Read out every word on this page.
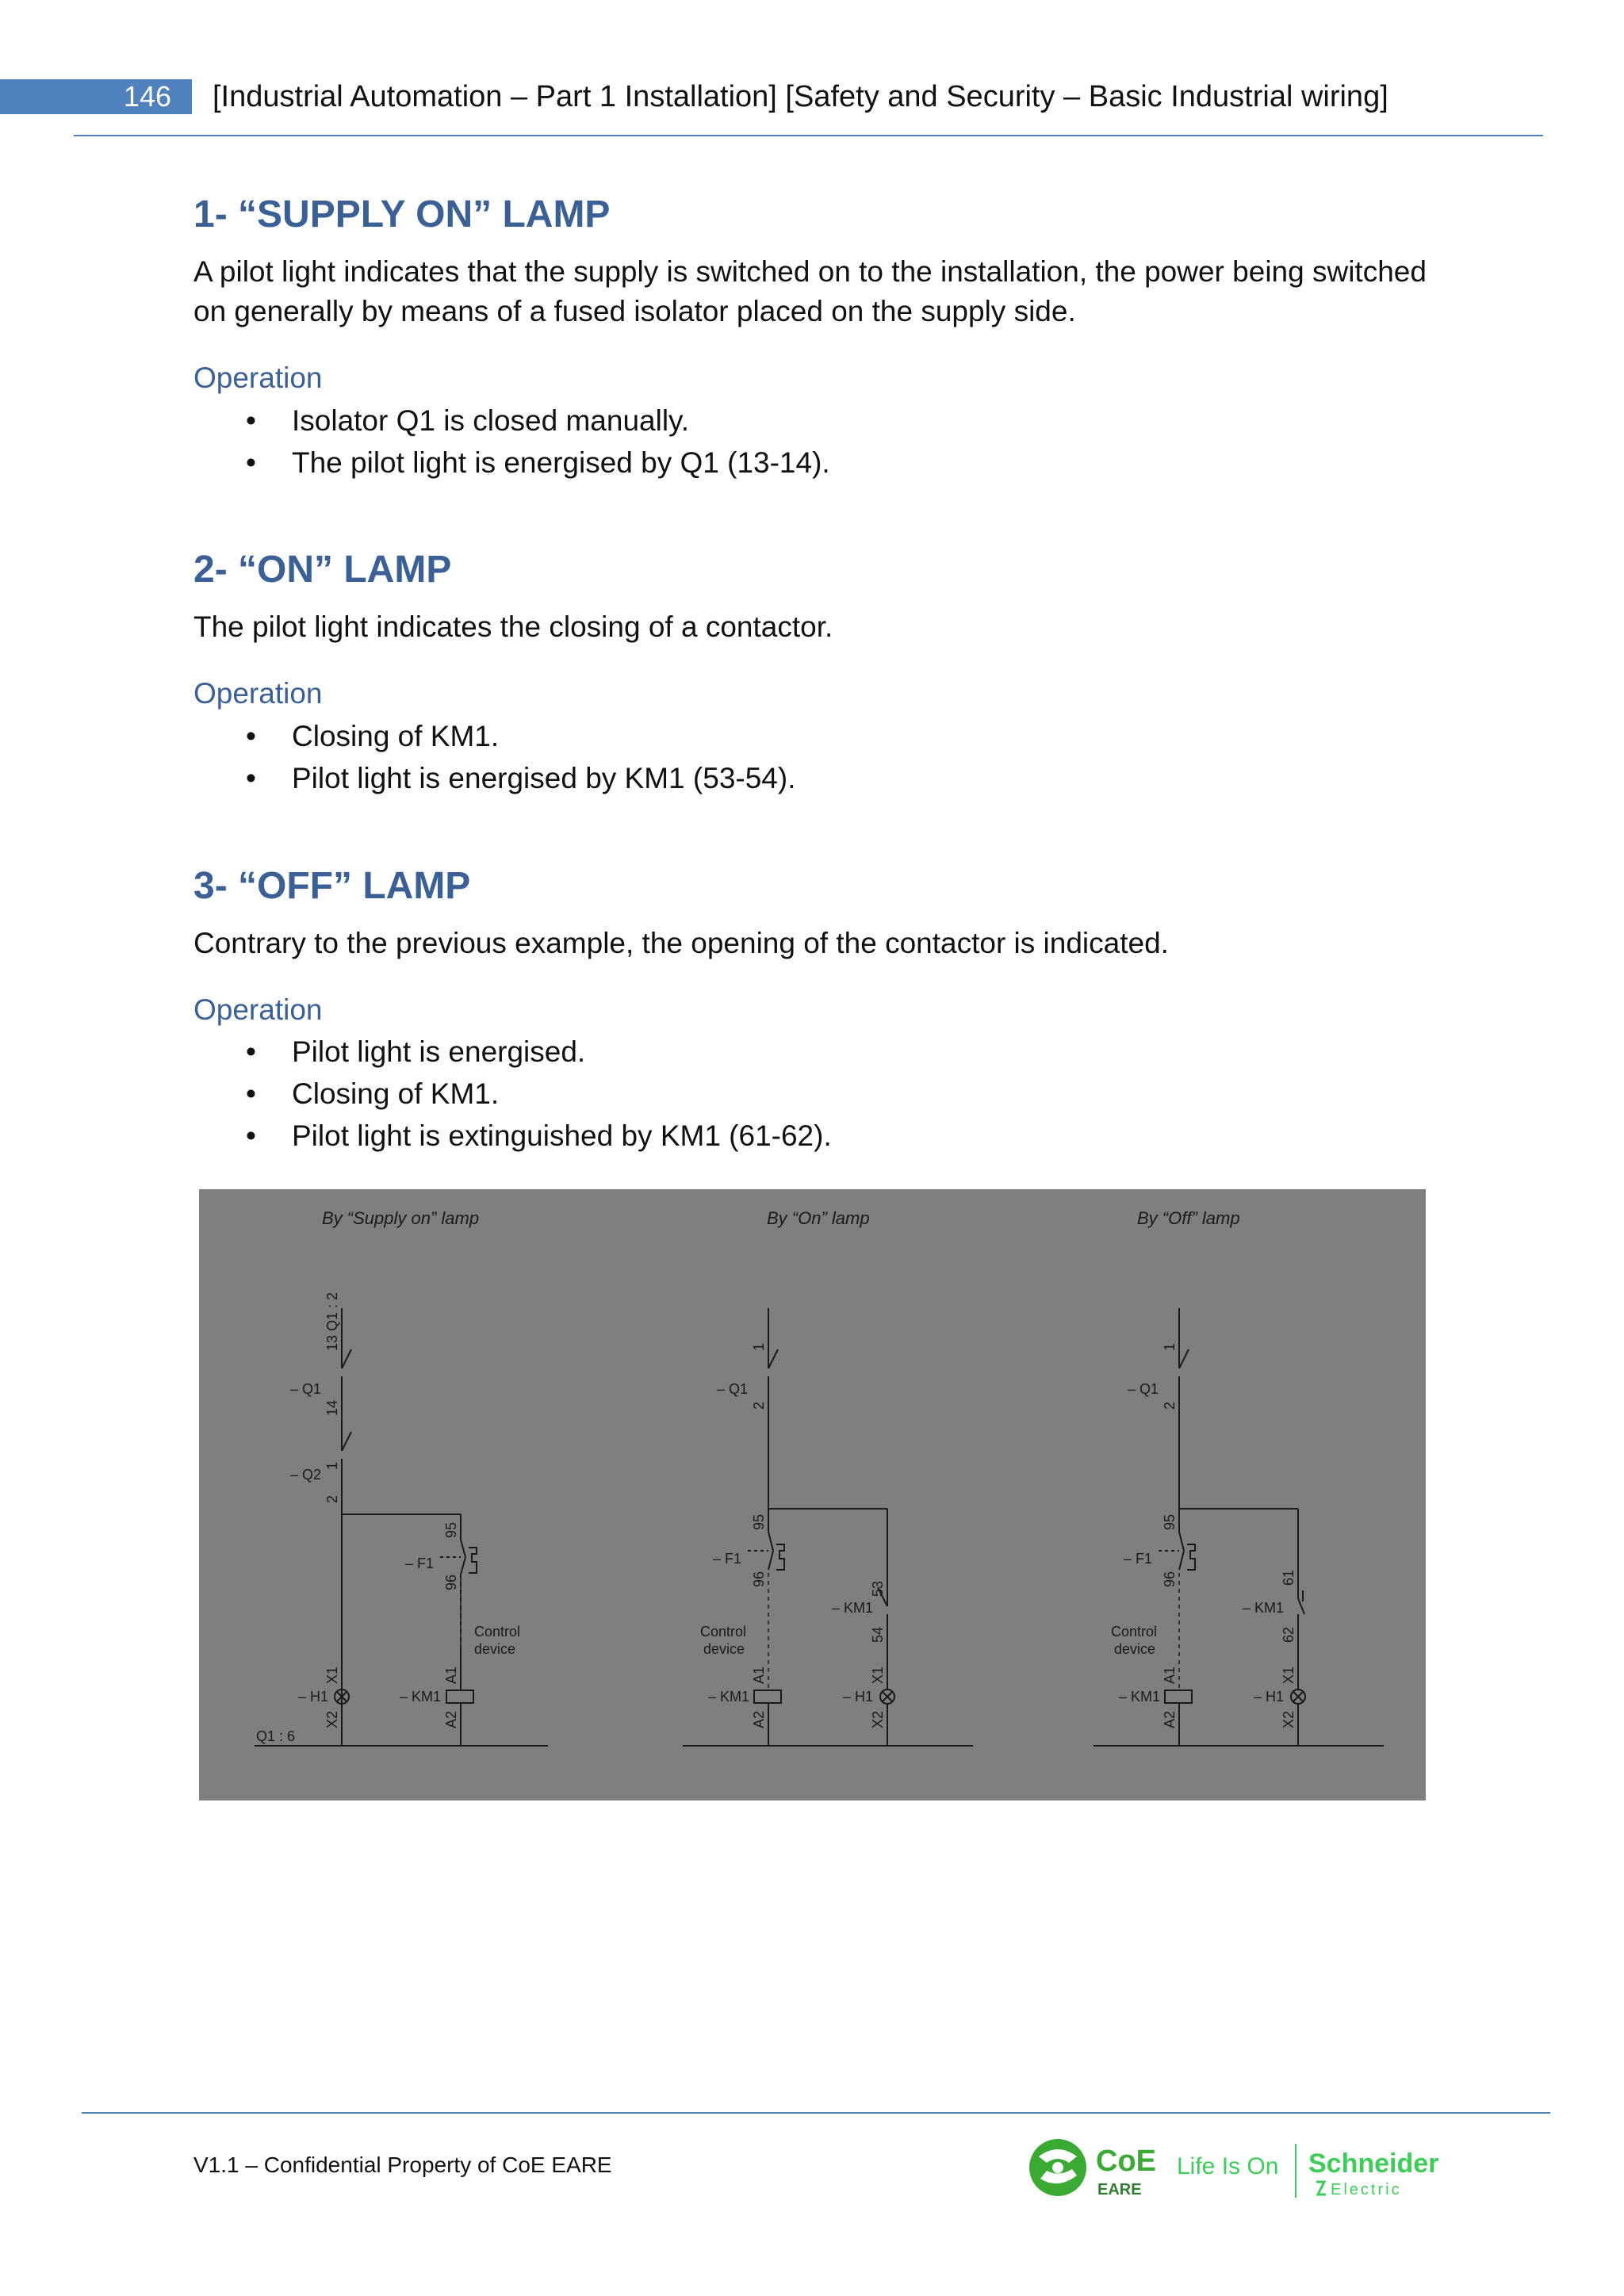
146	[Industrial Automation – Part 1 Installation] [Safety and Security – Basic Industrial wiring]
1- “SUPPLY ON” LAMP
A pilot light indicates that the supply is switched on to the installation, the power being switched on generally by means of a fused isolator placed on the supply side.
Operation
• Isolator Q1 is closed manually.
• The pilot light is energised by Q1 (13-14).
2- “ON” LAMP
The pilot light indicates the closing of a contactor.
Operation
• Closing of KM1.
• Pilot light is energised by KM1 (53-54).
3- “OFF” LAMP
Contrary to the previous example, the opening of the contactor is indicated.
Operation
• Pilot light is energised.
• Closing of KM1.
• Pilot light is extinguished by KM1 (61-62).
By “Supply on” lamp
– Q1
13 Q1 : 2
14
– Q2
1
2
– F1
95
96
Control
device
– KM1
A1
A2
– H1
X1
X2
Q1 : 6
By “On” lamp
– Q1
1
2
– F1
95
96
Control
device
– KM1
A1
A2
– KM1
53
54
– H1
X1
X2
By “Off” lamp
– Q1
1
2
– F1
95
96
Control
device
– KM1
A1
A2
– KM1
61
62
– H1
X1
X2
V1.1 – Confidential Property of CoE EARE	CoE
EARE
Life Is On Schneider
Electric
